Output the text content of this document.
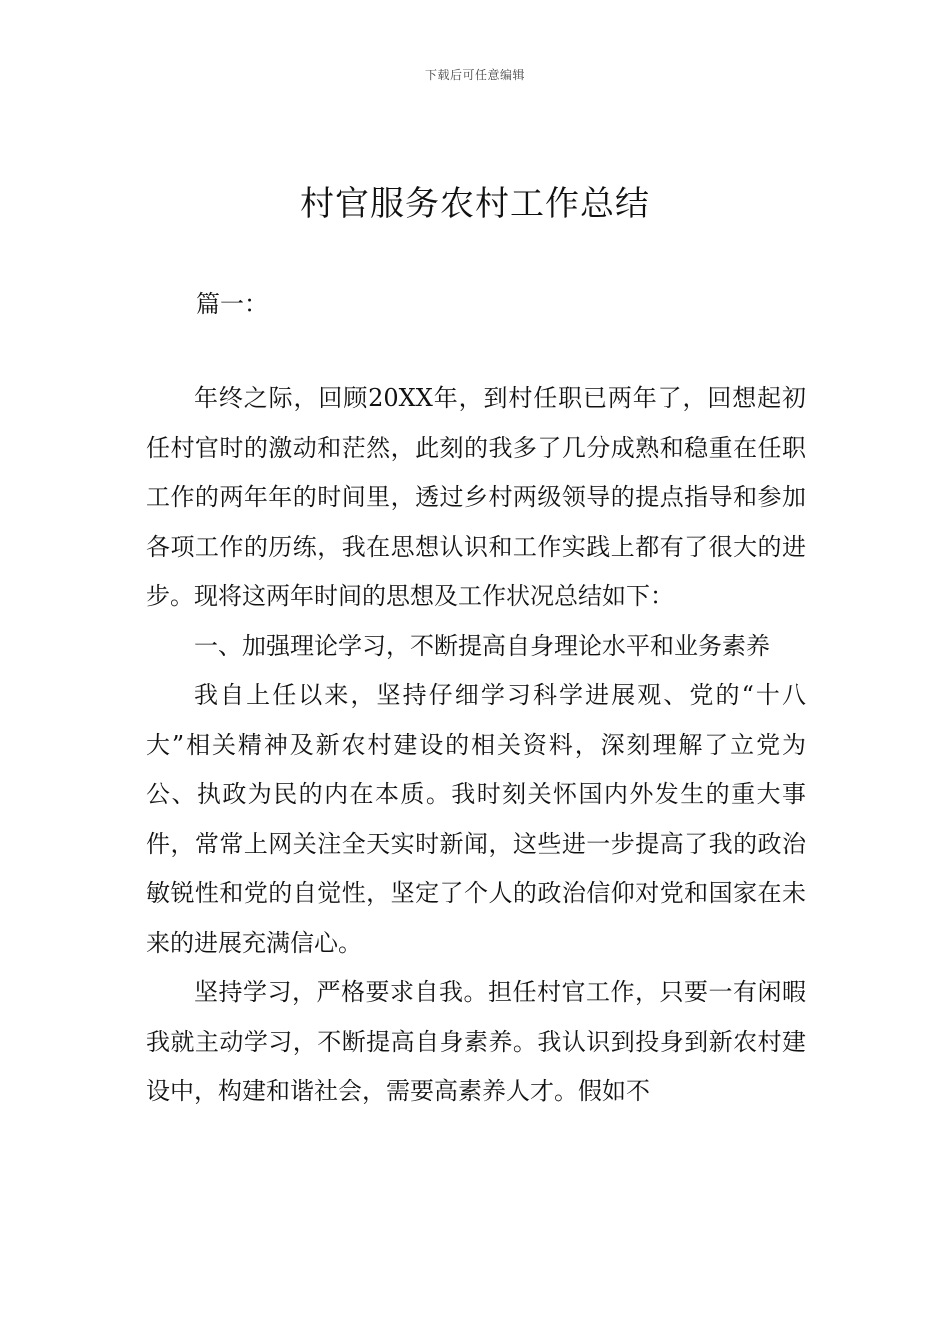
下载后可任意编辑
村官服务农村工作总结

篇一：

年终之际，回顾20XX年，到村任职已两年了，回想起初任村官时的激动和茫然，此刻的我多了几分成熟和稳重在任职工作的两年年的时间里，透过乡村两级领导的提点指导和参加各项工作的历练，我在思想认识和工作实践上都有了很大的进步。现将这两年时间的思想及工作状况总结如下：

一、加强理论学习，不断提高自身理论水平和业务素养

我自上任以来，坚持仔细学习科学进展观、党的“十八大”相关精神及新农村建设的相关资料，深刻理解了立党为公、执政为民的内在本质。我时刻关怀国内外发生的重大事件，常常上网关注全天实时新闻，这些进一步提高了我的政治敏锐性和党的自觉性，坚定了个人的政治信仰对党和国家在未来的进展充满信心。

坚持学习，严格要求自我。担任村官工作，只要一有闲暇我就主动学习，不断提高自身素养。我认识到投身到新农村建设中，构建和谐社会，需要高素养人才。假如不
